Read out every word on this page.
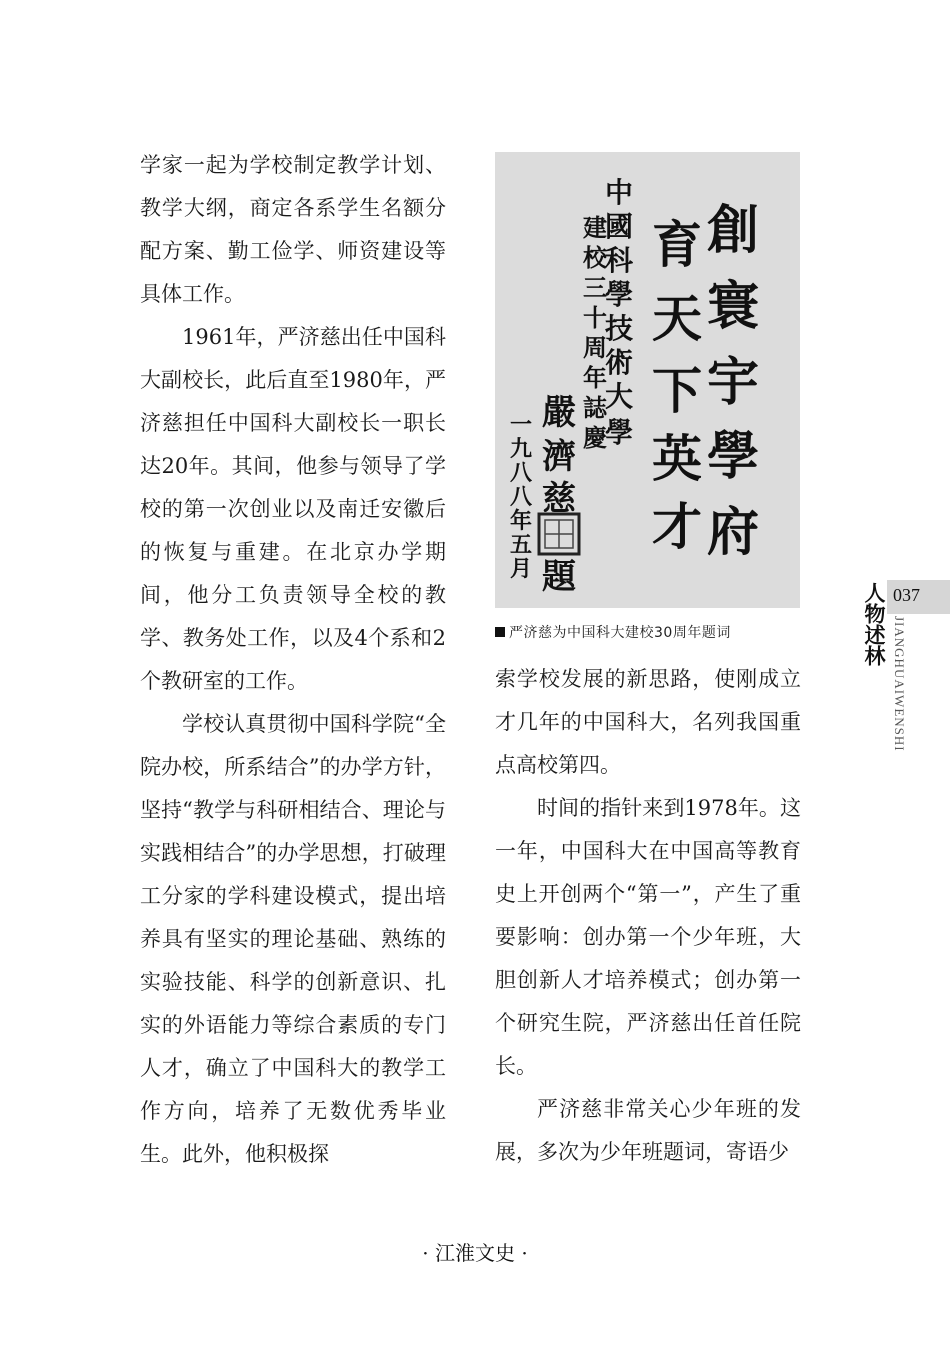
学家一起为学校制定教学计划、教学大纲，商定各系学生名额分配方案、勤工俭学、师资建设等具体工作。

1961年，严济慈出任中国科大副校长，此后直至1980年，严济慈担任中国科大副校长一职长达20年。其间，他参与领导了学校的第一次创业以及南迁安徽后的恢复与重建。在北京办学期间，他分工负责领导全校的教学、教务处工作，以及4个系和2个教研室的工作。

学校认真贯彻中国科学院“全院办校，所系结合”的办学方针，坚持“教学与科研相结合、理论与实践相结合”的办学思想，打破理工分家的学科建设模式，提出培养具有坚实的理论基础、熟练的实验技能、科学的创新意识、扎实的外语能力等综合素质的专门人才，确立了中国科大的教学工作方向，培养了无数优秀毕业生。此外，他积极探

創
寰
宇
學
府
育
天
下
英
才
中
國
科
學
技
術
大
學
建
校
三
十
周
年
誌
慶
嚴
濟
慈
題
一
九
八
八
年
五
月
严济慈为中国科大建校30周年题词

索学校发展的新思路，使刚成立才几年的中国科大，名列我国重点高校第四。

时间的指针来到1978年。这一年，中国科大在中国高等教育史上开创两个“第一”，产生了重要影响：创办第一个少年班，大胆创新人才培养模式；创办第一个研究生院，严济慈出任首任院长。

严济慈非常关心少年班的发展，多次为少年班题词，寄语少

人物述林 037
JIANGHUAIWENSHI
· 江淮文史 ·
